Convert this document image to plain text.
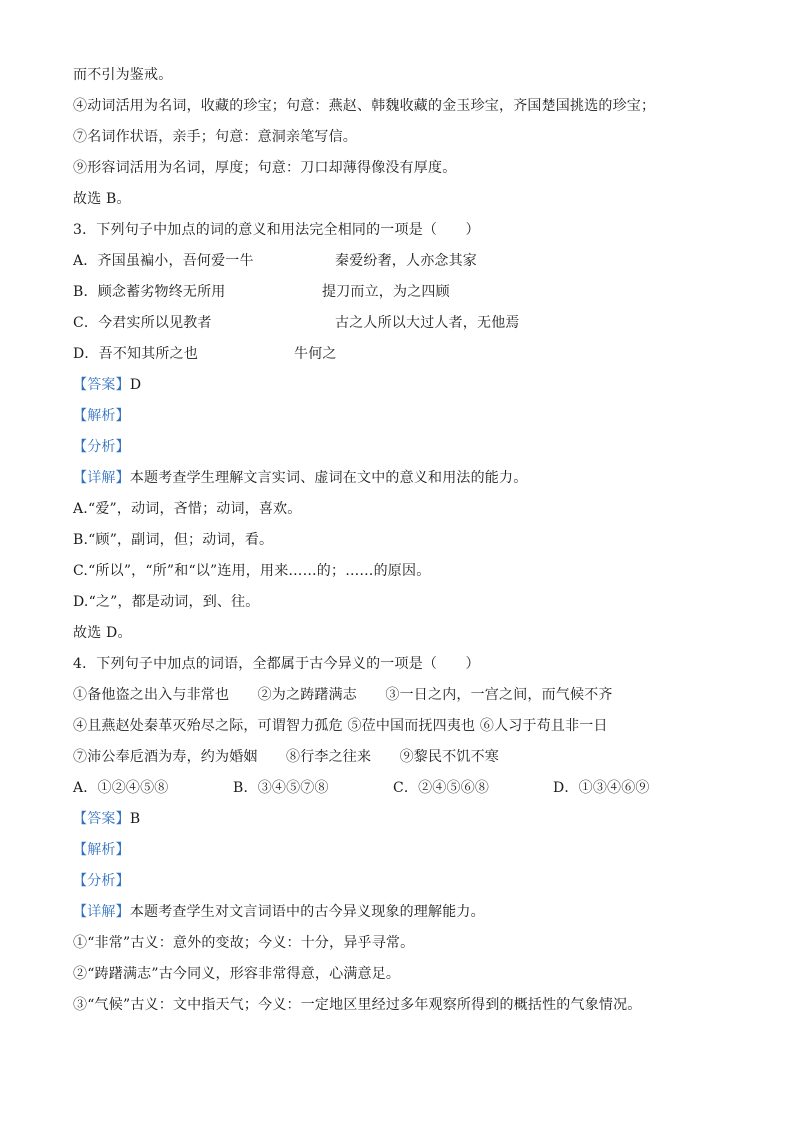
而不引为鉴戒。
④动词活用为名词，收藏的珍宝；句意：燕赵、韩魏收藏的金玉珍宝，齐国楚国挑选的珍宝；
⑦名词作状语，亲手；句意：意洞亲笔写信。
⑨形容词活用为名词，厚度；句意：刀口却薄得像没有厚度。
故选 B。
3．下列句子中加点的词的意义和用法完全相同的一项是（　　）
A．齐国虽褊小，吾何爱一牛	秦爱纷奢，人亦念其家
B．顾念蓄劣物终无所用	提刀而立，为之四顾
C．今君实所以见教者	古之人所以大过人者，无他焉
D．吾不知其所之也	牛何之
【答案】D
【解析】
【分析】
【详解】本题考查学生理解文言实词、虚词在文中的意义和用法的能力。
A.“爱”，动词，吝惜；动词，喜欢。
B.“顾”，副词，但；动词，看。
C.“所以”，“所”和“以”连用，用来……的；……的原因。
D.“之”，都是动词，到、往。
故选 D。
4．下列句子中加点的词语，全都属于古今异义的一项是（　　）
①备他盗之出入与非常也　　②为之踌躇满志　　③一日之内，一宫之间，而气候不齐
④且燕赵处秦革灭殆尽之际，可谓智力孤危 ⑤莅中国而抚四夷也 ⑥人习于苟且非一日
⑦沛公奉卮酒为寿，约为婚姻　　⑧行李之往来　　⑨黎民不饥不寒
A．①②④⑤⑧	B．③④⑤⑦⑧	C．②④⑤⑥⑧	D．①③④⑥⑨
【答案】B
【解析】
【分析】
【详解】本题考查学生对文言词语中的古今异义现象的理解能力。
①“非常”古义：意外的变故；今义：十分，异乎寻常。
②“踌躇满志”古今同义，形容非常得意，心满意足。
③“气候”古义：文中指天气；今义：一定地区里经过多年观察所得到的概括性的气象情况。
